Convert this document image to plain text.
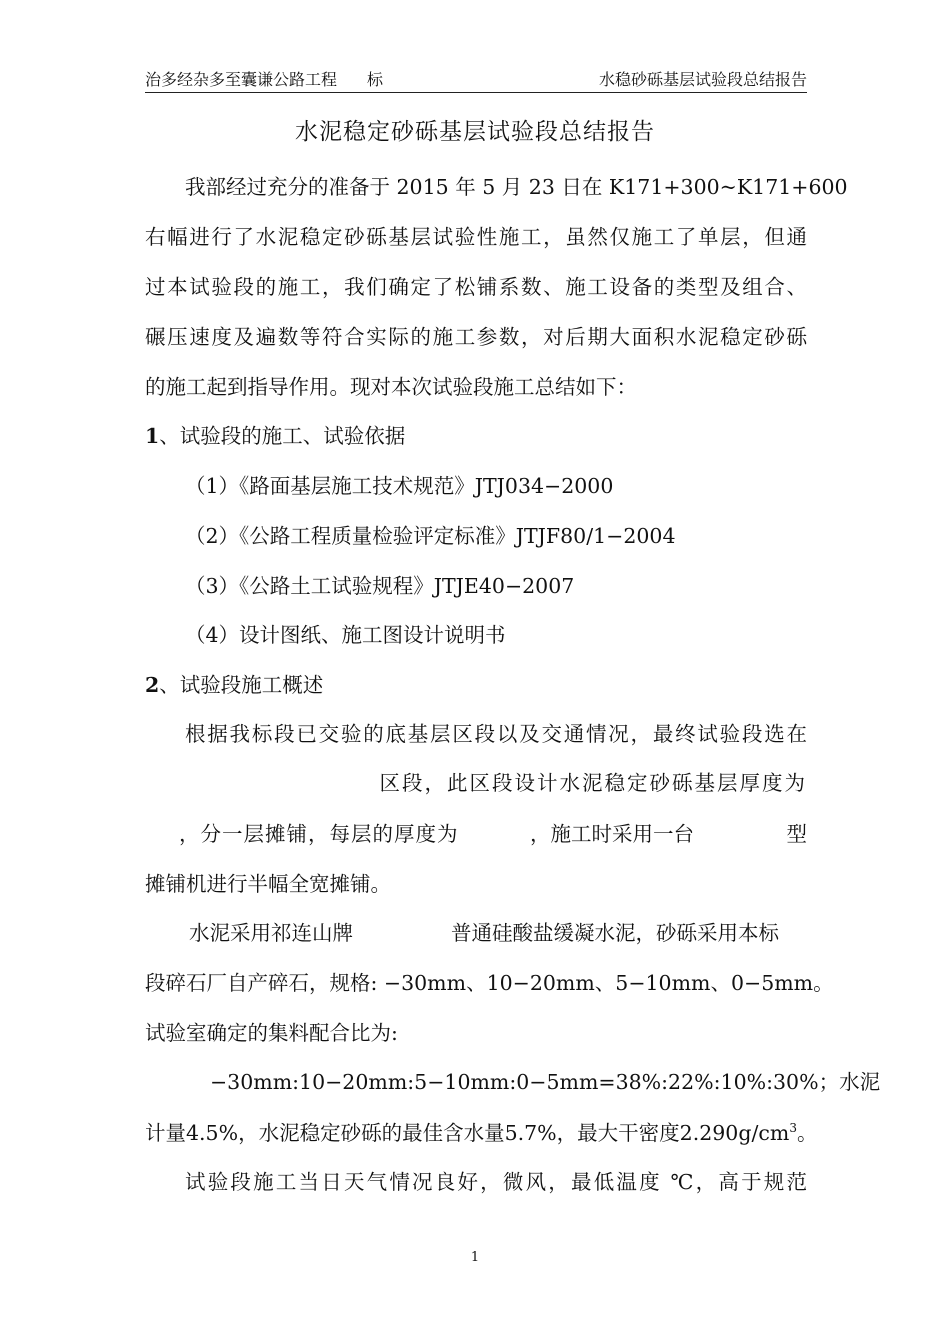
治多经杂多至囊谦公路工程 标	水稳砂砾基层试验段总结报告
水泥稳定砂砾基层试验段总结报告
我部经过充分的准备于 2015 年 5 月 23 日在 K171+300~K171+600
右幅进行了水泥稳定砂砾基层试验性施工，虽然仅施工了单层，但通
过本试验段的施工，我们确定了松铺系数、施工设备的类型及组合、
碾压速度及遍数等符合实际的施工参数，对后期大面积水泥稳定砂砾
的施工起到指导作用。现对本次试验段施工总结如下：
1、试验段的施工、试验依据
（1）《路面基层施工技术规范》JTJ034−2000
（2）《公路工程质量检验评定标准》JTJF80/1−2004
（3）《公路土工试验规程》JTJE40−2007
（4）设计图纸、施工图设计说明书
2、试验段施工概述
根据我标段已交验的底基层区段以及交通情况，最终试验段选在
区段，此区段设计水泥稳定砂砾基层厚度为
，分一层摊铺，每层的厚度为	，施工时采用一台	型
摊铺机进行半幅全宽摊铺。
水泥采用祁连山牌	普通硅酸盐缓凝水泥，砂砾采用本标
段碎石厂自产碎石，规格: −30mm、10−20mm、5−10mm、0−5mm。
试验室确定的集料配合比为:
−30mm:10−20mm:5−10mm:0−5mm=38%:22%:10%:30%；水泥
计量4.5%，水泥稳定砂砾的最佳含水量5.7%，最大干密度$2.290g/cm^3$。
试验段施工当日天气情况良好，微风，最低温度 ℃，高于规范
1
